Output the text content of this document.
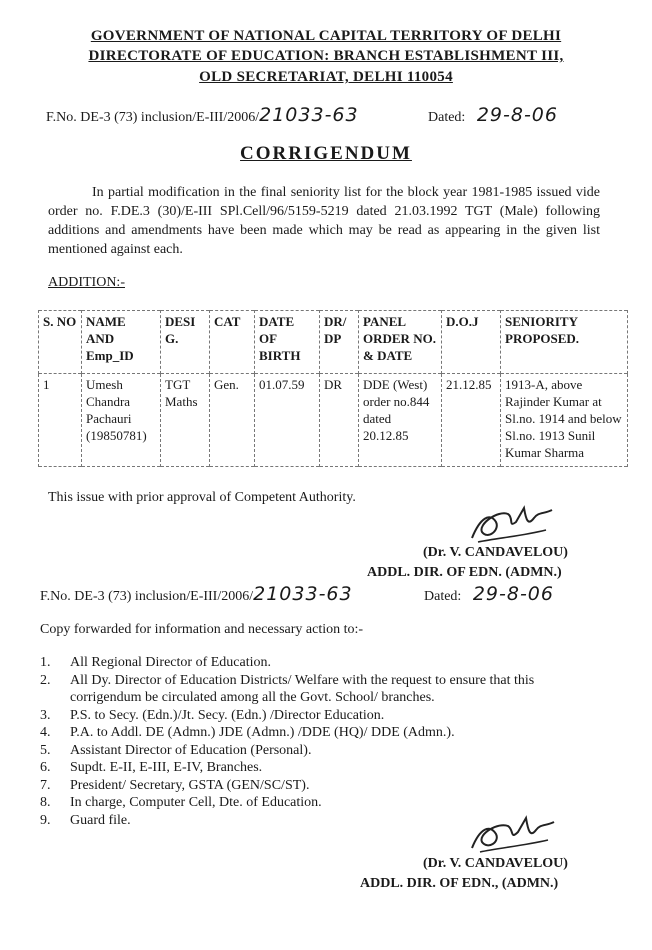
GOVERNMENT OF NATIONAL CAPITAL TERRITORY OF DELHI
DIRECTORATE OF EDUCATION: BRANCH ESTABLISHMENT III,
OLD SECRETARIAT, DELHI 110054
F.No. DE-3 (73) inclusion/E-III/2006/21033-63	Dated: 29-8-06
CORRIGENDUM
In partial modification in the final seniority list for the block year 1981-1985 issued vide order no. F.DE.3 (30)/E-III SPl.Cell/96/5159-5219 dated 21.03.1992 TGT (Male) following additions and amendments have been made which may be read as appearing in the given list mentioned against each.
ADDITION:-
S. NO	NAME AND Emp_ID	DESI G.	CAT	DATE OF BIRTH	DR/ DP	PANEL ORDER NO. & DATE	D.O.J	SENIORITY PROPOSED.
1	Umesh Chandra Pachauri (19850781)	TGT Maths	Gen.	01.07.59	DR	DDE (West) order no.844 dated 20.12.85	21.12.85	1913-A, above Rajinder Kumar at Sl.no. 1914 and below Sl.no. 1913 Sunil Kumar Sharma
This issue with prior approval of Competent Authority.
(Dr. V. CANDAVELOU)
ADDL. DIR. OF EDN. (ADMN.)
F.No. DE-3 (73) inclusion/E-III/2006/21033-63	Dated: 29-8-06
Copy forwarded for information and necessary action to:-
1.	All Regional Director of Education.
2.	All Dy. Director of Education Districts/ Welfare with the request to ensure that this corrigendum be circulated among all the Govt. School/ branches.
3.	P.S. to Secy. (Edn.)/Jt. Secy. (Edn.) /Director Education.
4.	P.A. to Addl. DE (Admn.) JDE (Admn.) /DDE (HQ)/ DDE (Admn.).
5.	Assistant Director of Education (Personal).
6.	Supdt. E-II, E-III, E-IV, Branches.
7.	President/ Secretary, GSTA (GEN/SC/ST).
8.	In charge, Computer Cell, Dte. of Education.
9.	Guard file.
(Dr. V. CANDAVELOU)
ADDL. DIR. OF EDN., (ADMN.)
